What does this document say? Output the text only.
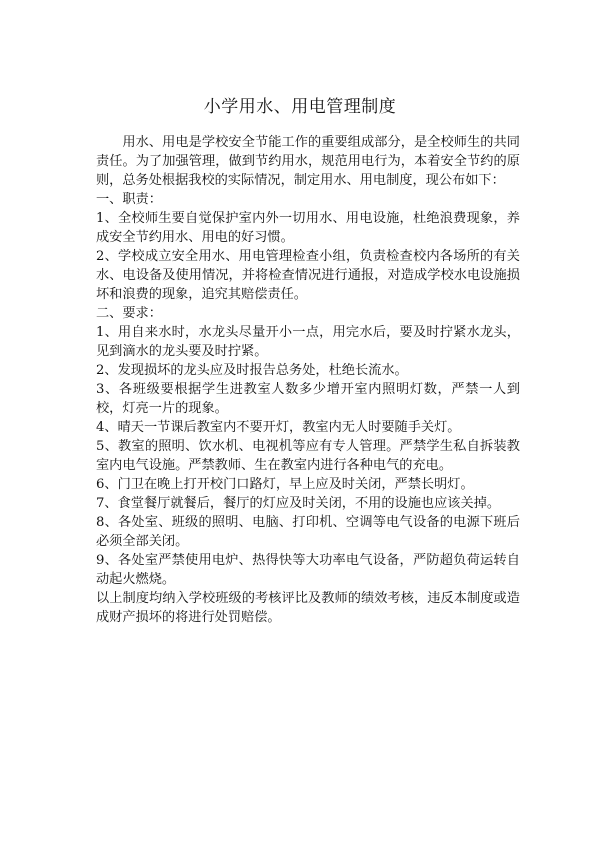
小学用水、用电管理制度

用水、用电是学校安全节能工作的重要组成部分，是全校师生的共同责任。为了加强管理，做到节约用水，规范用电行为，本着安全节约的原则，总务处根据我校的实际情况，制定用水、用电制度，现公布如下：

一、职责：

1、全校师生要自觉保护室内外一切用水、用电设施，杜绝浪费现象，养成安全节约用水、用电的好习惯。

2、学校成立安全用水、用电管理检查小组，负责检查校内各场所的有关水、电设备及使用情况，并将检查情况进行通报，对造成学校水电设施损坏和浪费的现象，追究其赔偿责任。

二、要求：

1、用自来水时，水龙头尽量开小一点，用完水后，要及时拧紧水龙头，见到滴水的龙头要及时拧紧。

2、发现损坏的龙头应及时报告总务处，杜绝长流水。

3、各班级要根据学生进教室人数多少增开室内照明灯数，严禁一人到校，灯亮一片的现象。

4、晴天一节课后教室内不要开灯，教室内无人时要随手关灯。

5、教室的照明、饮水机、电视机等应有专人管理。严禁学生私自拆装教室内电气设施。严禁教师、生在教室内进行各种电气的充电。

6、门卫在晚上打开校门口路灯，早上应及时关闭，严禁长明灯。

7、食堂餐厅就餐后，餐厅的灯应及时关闭，不用的设施也应该关掉。

8、各处室、班级的照明、电脑、打印机、空调等电气设备的电源下班后必须全部关闭。

9、各处室严禁使用电炉、热得快等大功率电气设备，严防超负荷运转自动起火燃烧。

以上制度均纳入学校班级的考核评比及教师的绩效考核，违反本制度或造成财产损坏的将进行处罚赔偿。
